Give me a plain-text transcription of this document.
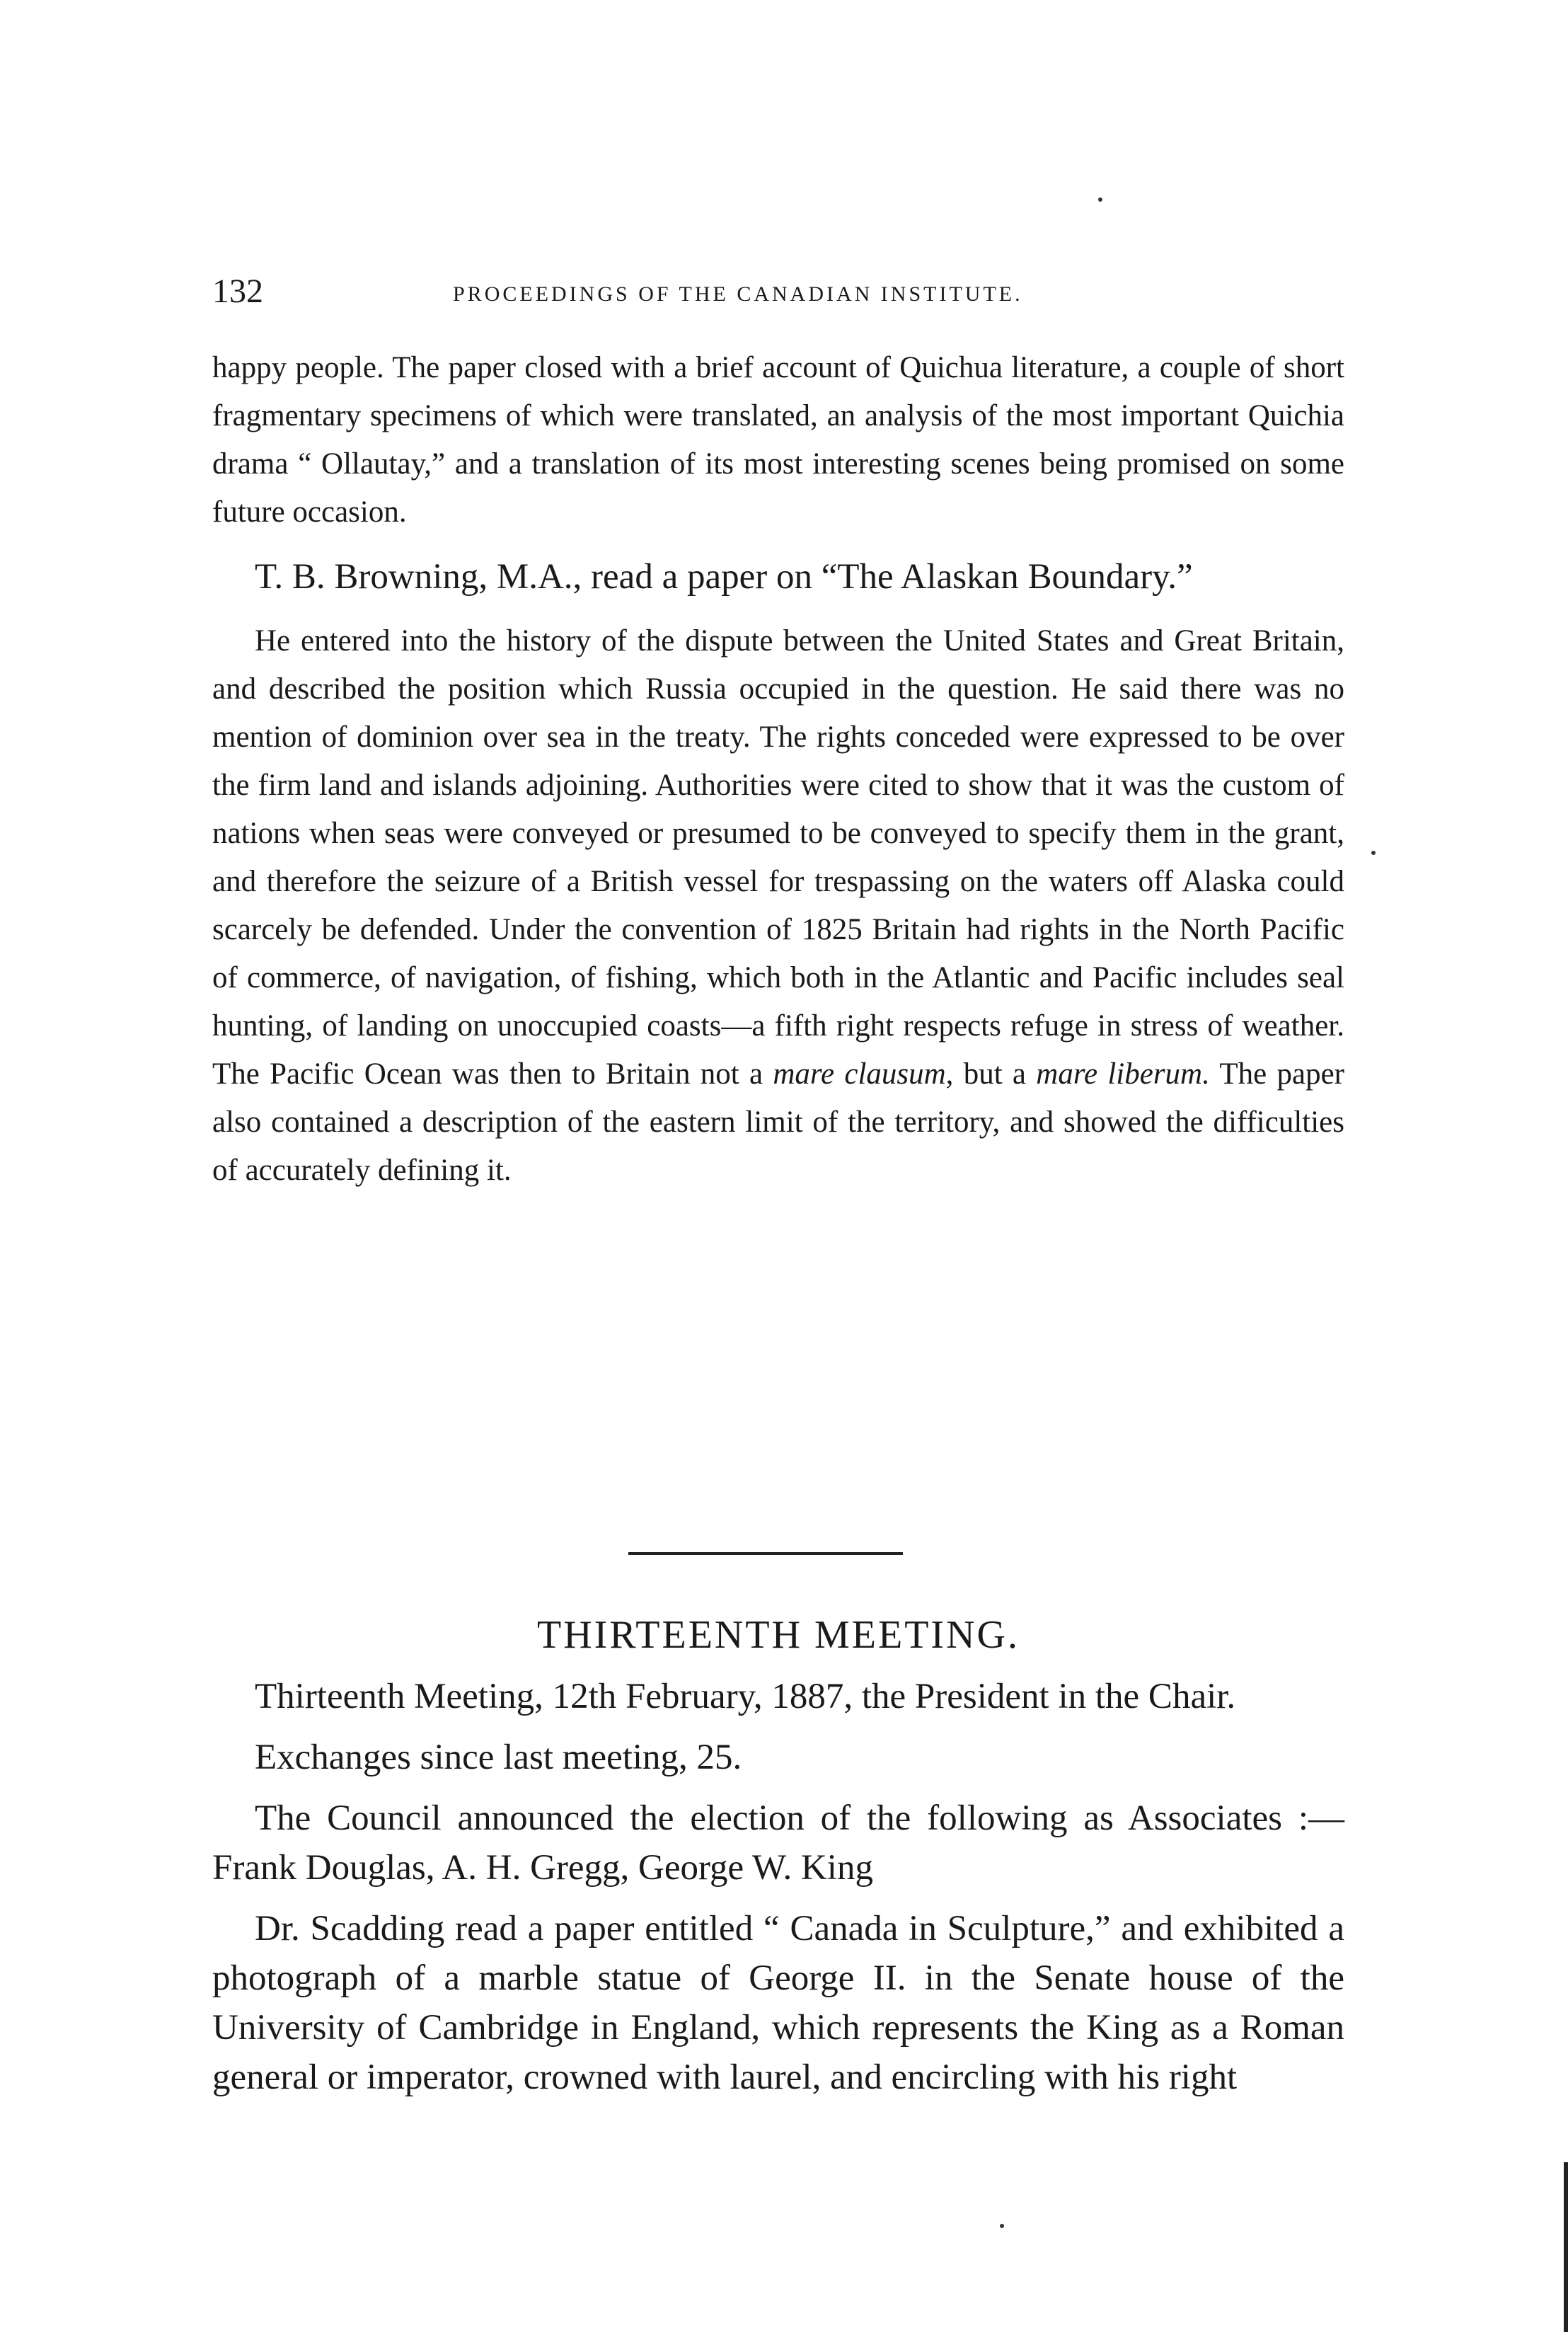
132	PROCEEDINGS OF THE CANADIAN INSTITUTE.

happy people. The paper closed with a brief account of Quichua literature, a couple of short fragmentary specimens of which were translated, an analysis of the most important Quichia drama “ Ollautay,” and a translation of its most interesting scenes being promised on some future occasion.

T. B. Browning, M.A., read a paper on “The Alaskan Boundary.”

He entered into the history of the dispute between the United States and Great Britain, and described the position which Russia occupied in the question. He said there was no mention of dominion over sea in the treaty. The rights conceded were expressed to be over the firm land and islands adjoining. Authorities were cited to show that it was the custom of nations when seas were conveyed or presumed to be conveyed to specify them in the grant, and therefore the seizure of a British vessel for trespassing on the waters off Alaska could scarcely be defended. Under the convention of 1825 Britain had rights in the North Pacific of commerce, of navigation, of fishing, which both in the Atlantic and Pacific includes seal hunting, of landing on unoccupied coasts—a fifth right respects refuge in stress of weather. The Pacific Ocean was then to Britain not a mare clausum, but a mare liberum. The paper also contained a description of the eastern limit of the territory, and showed the difficulties of accurately defining it.

THIRTEENTH MEETING.

Thirteenth Meeting, 12th February, 1887, the President in the Chair.

Exchanges since last meeting, 25.

The Council announced the election of the following as Associates :—Frank Douglas, A. H. Gregg, George W. King

Dr. Scadding read a paper entitled “ Canada in Sculpture,” and exhibited a photograph of a marble statue of George II. in the Senate house of the University of Cambridge in England, which represents the King as a Roman general or imperator, crowned with laurel, and encircling with his right
